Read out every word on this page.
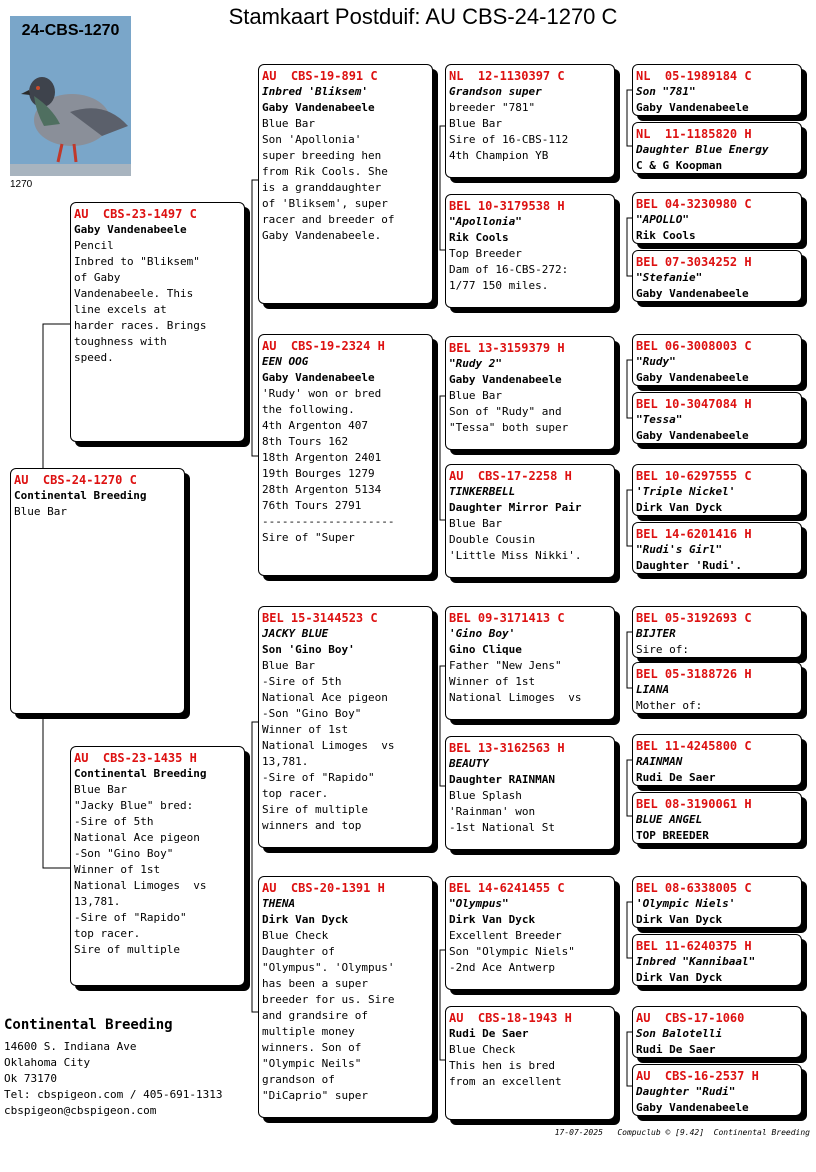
Stamkaart Postduif: AU CBS-24-1270 C
24-CBS-1270
1270
AU  CBS-24-1270 C
Continental Breeding
Blue Bar
AU  CBS-23-1497 C
Gaby Vandenabeele
Pencil
Inbred to "Bliksem"
of Gaby
Vandenabeele. This
line excels at
harder races. Brings
toughness with
speed.
AU  CBS-23-1435 H
Continental Breeding
Blue Bar
"Jacky Blue" bred:
-Sire of 5th
National Ace pigeon
-Son "Gino Boy"
Winner of 1st
National Limoges  vs
13,781.
-Sire of "Rapido"
top racer.
Sire of multiple
AU  CBS-19-891 C
Inbred 'Bliksem'
Gaby Vandenabeele
Blue Bar
Son 'Apollonia'
super breeding hen
from Rik Cools. She
is a granddaughter
of 'Bliksem', super
racer and breeder of
Gaby Vandenabeele.
AU  CBS-19-2324 H
EEN OOG
Gaby Vandenabeele
'Rudy' won or bred
the following.
4th Argenton 407
8th Tours 162
18th Argenton 2401
19th Bourges 1279
28th Argenton 5134
76th Tours 2791
--------------------
Sire of "Super
BEL 15-3144523 C
JACKY BLUE
Son 'Gino Boy'
Blue Bar
-Sire of 5th
National Ace pigeon
-Son "Gino Boy"
Winner of 1st
National Limoges  vs
13,781.
-Sire of "Rapido"
top racer.
Sire of multiple
winners and top
AU  CBS-20-1391 H
THENA
Dirk Van Dyck
Blue Check
Daughter of
"Olympus". 'Olympus'
has been a super
breeder for us. Sire
and grandsire of
multiple money
winners. Son of
"Olympic Neils"
grandson of
"DiCaprio" super
NL  12-1130397 C
Grandson super
breeder "781"
Blue Bar
Sire of 16-CBS-112
4th Champion YB
BEL 10-3179538 H
"Apollonia"
Rik Cools
Top Breeder
Dam of 16-CBS-272:
1/77 150 miles.
BEL 13-3159379 H
"Rudy 2"
Gaby Vandenabeele
Blue Bar
Son of "Rudy" and
"Tessa" both super
AU  CBS-17-2258 H
TINKERBELL
Daughter Mirror Pair
Blue Bar
Double Cousin
'Little Miss Nikki'.
BEL 09-3171413 C
'Gino Boy'
Gino Clique
Father "New Jens"
Winner of 1st
National Limoges  vs
BEL 13-3162563 H
BEAUTY
Daughter RAINMAN
Blue Splash
'Rainman' won
-1st National St
BEL 14-6241455 C
"Olympus"
Dirk Van Dyck
Excellent Breeder
Son "Olympic Niels"
-2nd Ace Antwerp
AU  CBS-18-1943 H
Rudi De Saer
Blue Check
This hen is bred
from an excellent
NL  05-1989184 C
Son "781"
Gaby Vandenabeele
NL  11-1185820 H
Daughter Blue Energy
C & G Koopman
BEL 04-3230980 C
"APOLLO"
Rik Cools
BEL 07-3034252 H
"Stefanie"
Gaby Vandenabeele
BEL 06-3008003 C
"Rudy"
Gaby Vandenabeele
BEL 10-3047084 H
"Tessa"
Gaby Vandenabeele
BEL 10-6297555 C
'Triple Nickel'
Dirk Van Dyck
BEL 14-6201416 H
"Rudi's Girl"
Daughter 'Rudi'.
BEL 05-3192693 C
BIJTER
Sire of:
BEL 05-3188726 H
LIANA
Mother of:
BEL 11-4245800 C
RAINMAN
Rudi De Saer
BEL 08-3190061 H
BLUE ANGEL
TOP BREEDER
BEL 08-6338005 C
'Olympic Niels'
Dirk Van Dyck
BEL 11-6240375 H
Inbred "Kannibaal"
Dirk Van Dyck
AU  CBS-17-1060
Son Balotelli
Rudi De Saer
AU  CBS-16-2537 H
Daughter "Rudi"
Gaby Vandenabeele
Continental Breeding
14600 S. Indiana Ave
Oklahoma City
Ok 73170
Tel: cbspigeon.com / 405-691-1313
cbspigeon@cbspigeon.com
17-07-2025   Compuclub © [9.42]  Continental Breeding
